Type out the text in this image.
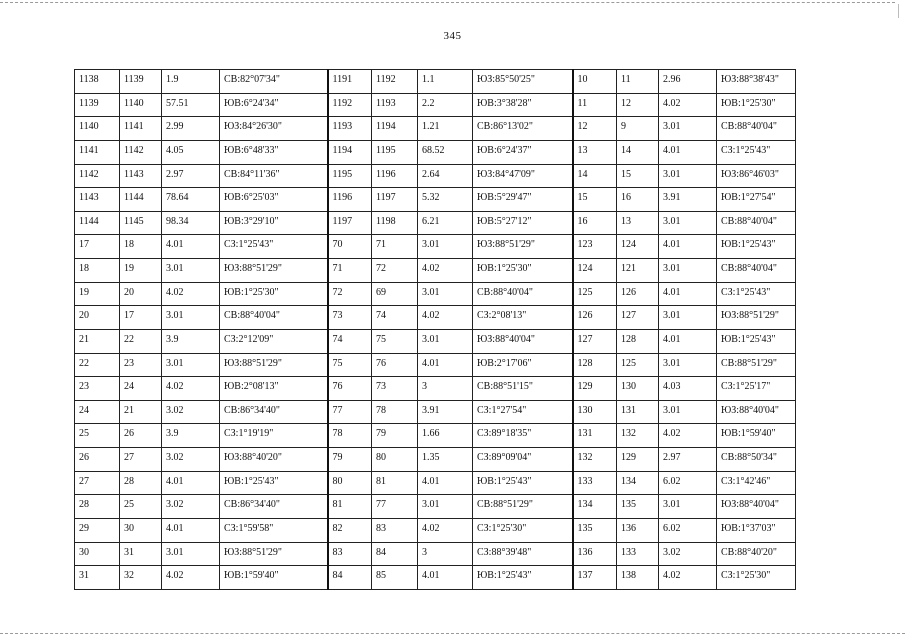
345
1138	1139	1.9	СВ:82°07'34"	1191	1192	1.1	ЮЗ:85°50'25"	10	11	2.96	ЮЗ:88°38'43"
1139	1140	57.51	ЮВ:6°24'34"	1192	1193	2.2	ЮВ:3°38'28"	11	12	4.02	ЮВ:1°25'30"
1140	1141	2.99	ЮЗ:84°26'30"	1193	1194	1.21	СВ:86°13'02"	12	9	3.01	СВ:88°40'04"
1141	1142	4.05	ЮВ:6°48'33"	1194	1195	68.52	ЮВ:6°24'37"	13	14	4.01	СЗ:1°25'43"
1142	1143	2.97	СВ:84°11'36"	1195	1196	2.64	ЮЗ:84°47'09"	14	15	3.01	ЮЗ:86°46'03"
1143	1144	78.64	ЮВ:6°25'03"	1196	1197	5.32	ЮВ:5°29'47"	15	16	3.91	ЮВ:1°27'54"
1144	1145	98.34	ЮВ:3°29'10"	1197	1198	6.21	ЮВ:5°27'12"	16	13	3.01	СВ:88°40'04"
17	18	4.01	СЗ:1°25'43"	70	71	3.01	ЮЗ:88°51'29"	123	124	4.01	ЮВ:1°25'43"
18	19	3.01	ЮЗ:88°51'29"	71	72	4.02	ЮВ:1°25'30"	124	121	3.01	СВ:88°40'04"
19	20	4.02	ЮВ:1°25'30"	72	69	3.01	СВ:88°40'04"	125	126	4.01	СЗ:1°25'43"
20	17	3.01	СВ:88°40'04"	73	74	4.02	СЗ:2°08'13"	126	127	3.01	ЮЗ:88°51'29"
21	22	3.9	СЗ:2°12'09"	74	75	3.01	ЮЗ:88°40'04"	127	128	4.01	ЮВ:1°25'43"
22	23	3.01	ЮЗ:88°51'29"	75	76	4.01	ЮВ:2°17'06"	128	125	3.01	СВ:88°51'29"
23	24	4.02	ЮВ:2°08'13"	76	73	3	СВ:88°51'15"	129	130	4.03	СЗ:1°25'17"
24	21	3.02	СВ:86°34'40"	77	78	3.91	СЗ:1°27'54"	130	131	3.01	ЮЗ:88°40'04"
25	26	3.9	СЗ:1°19'19"	78	79	1.66	СЗ:89°18'35"	131	132	4.02	ЮВ:1°59'40"
26	27	3.02	ЮЗ:88°40'20"	79	80	1.35	СЗ:89°09'04"	132	129	2.97	СВ:88°50'34"
27	28	4.01	ЮВ:1°25'43"	80	81	4.01	ЮВ:1°25'43"	133	134	6.02	СЗ:1°42'46"
28	25	3.02	СВ:86°34'40"	81	77	3.01	СВ:88°51'29"	134	135	3.01	ЮЗ:88°40'04"
29	30	4.01	СЗ:1°59'58"	82	83	4.02	СЗ:1°25'30"	135	136	6.02	ЮВ:1°37'03"
30	31	3.01	ЮЗ:88°51'29"	83	84	3	СЗ:88°39'48"	136	133	3.02	СВ:88°40'20"
31	32	4.02	ЮВ:1°59'40"	84	85	4.01	ЮВ:1°25'43"	137	138	4.02	СЗ:1°25'30"
